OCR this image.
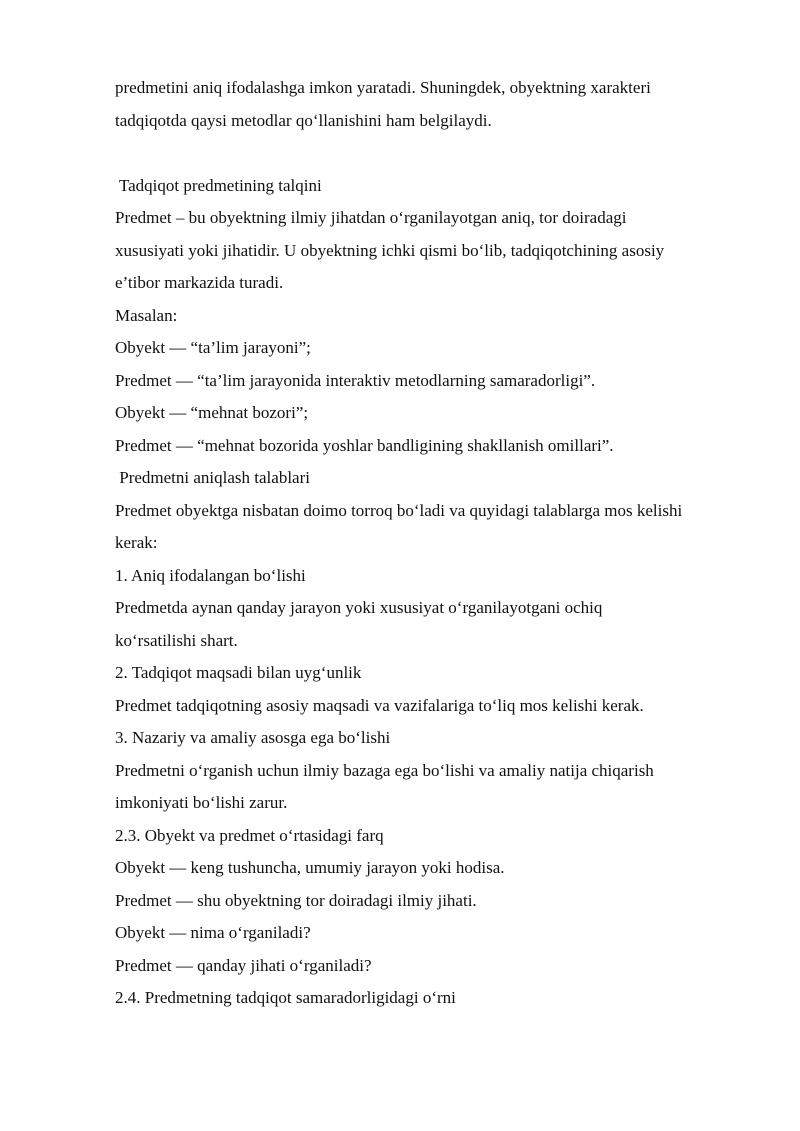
predmetini aniq ifodalashga imkon yaratadi. Shuningdek, obyektning xarakteri

tadqiqotda qaysi metodlar qo‘llanishini ham belgilaydi.

Tadqiqot predmetining talqini

Predmet – bu obyektning ilmiy jihatdan o‘rganilayotgan aniq, tor doiradagi

xususiyati yoki jihatidir. U obyektning ichki qismi bo‘lib, tadqiqotchining asosiy

e’tibor markazida turadi.

Masalan:

Obyekt — “ta’lim jarayoni”;

Predmet — “ta’lim jarayonida interaktiv metodlarning samaradorligi”.

Obyekt — “mehnat bozori”;

Predmet — “mehnat bozorida yoshlar bandligining shakllanish omillari”.

Predmetni aniqlash talablari

Predmet obyektga nisbatan doimo torroq bo‘ladi va quyidagi talablarga mos kelishi

kerak:

1. Aniq ifodalangan bo‘lishi

Predmetda aynan qanday jarayon yoki xususiyat o‘rganilayotgani ochiq

ko‘rsatilishi shart.

2. Tadqiqot maqsadi bilan uyg‘unlik

Predmet tadqiqotning asosiy maqsadi va vazifalariga to‘liq mos kelishi kerak.

3. Nazariy va amaliy asosga ega bo‘lishi

Predmetni o‘rganish uchun ilmiy bazaga ega bo‘lishi va amaliy natija chiqarish

imkoniyati bo‘lishi zarur.

2.3. Obyekt va predmet o‘rtasidagi farq

Obyekt — keng tushuncha, umumiy jarayon yoki hodisa.

Predmet — shu obyektning tor doiradagi ilmiy jihati.

Obyekt — nima o‘rganiladi?

Predmet — qanday jihati o‘rganiladi?

2.4. Predmetning tadqiqot samaradorligidagi o‘rni
